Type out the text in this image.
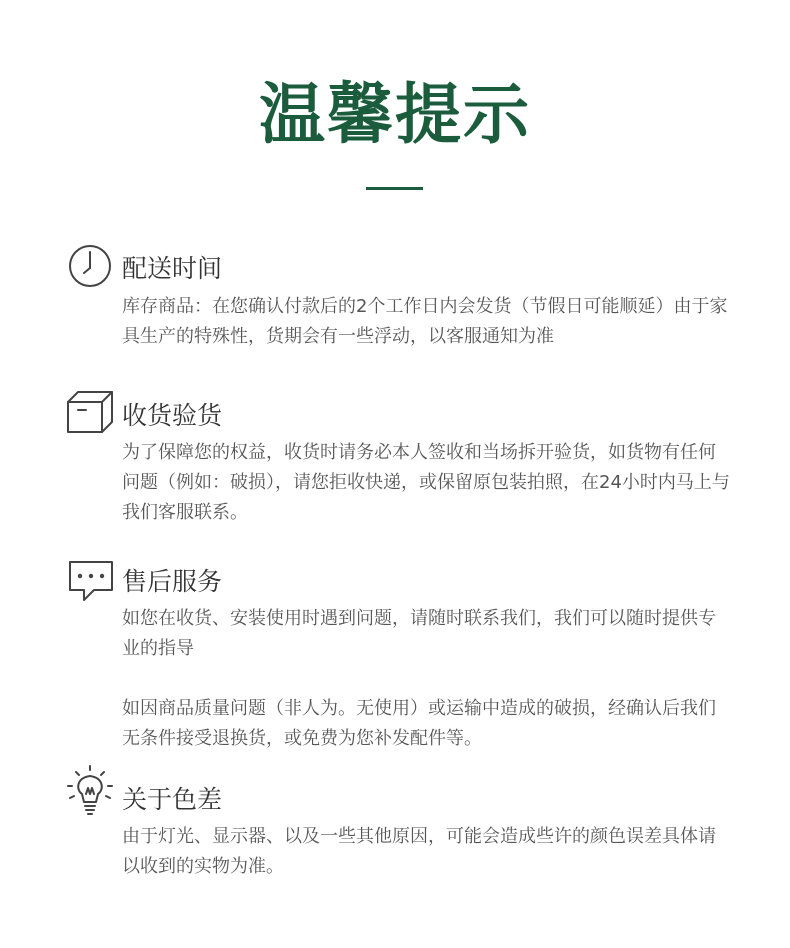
温馨提示
配送时间

库存商品：在您确认付款后的2个工作日内会发货（节假日可能顺延）由于家具生产的特殊性，货期会有一些浮动，以客服通知为准

收货验货

为了保障您的权益，收货时请务必本人签收和当场拆开验货，如货物有任何问题（例如：破损），请您拒收快递，或保留原包装拍照，在24小时内马上与我们客服联系。

售后服务

如您在收货、安装使用时遇到问题，请随时联系我们，我们可以随时提供专业的指导

如因商品质量问题（非人为。无使用）或运输中造成的破损，经确认后我们无条件接受退换货，或免费为您补发配件等。

关于色差

由于灯光、显示器、以及一些其他原因，可能会造成些许的颜色误差具体请以收到的实物为准。
